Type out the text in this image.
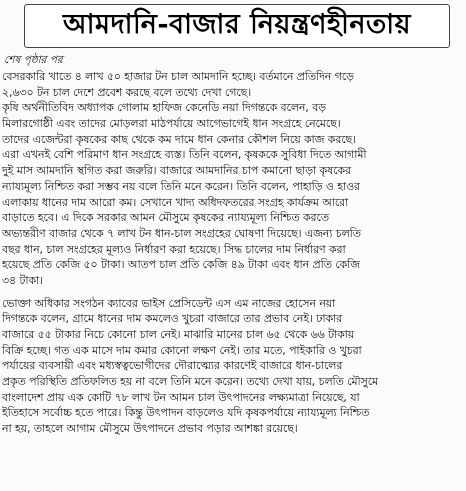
আমদানি-বাজার নিয়ন্ত্রণহীনতায়
শেষ পৃষ্ঠার পর
বেসরকারি খাতে ৪ লাখ ৫০ হাজার টন চাল আমদানি হচ্ছে। বর্তমানে প্রতিদিন গড়ে
২,৬৩০ টন চাল দেশে প্রবেশ করছে বলে তথ্যে দেখা গেছে।
কৃষি অর্থনীতিবিদ অধ্যাপক গোলাম হাফিজ কেনেডি নয়া দিগন্তকে বলেন, বড়
মিলারগোষ্ঠী এবং তাদের মোড়লরা মাঠপর্যায়ে আগেভাগেই ধান সংগ্রহে নেমেছে।
তাদের এজেন্টরা কৃষকের কাছ থেকে কম দামে ধান কেনার কৌশল নিয়ে কাজ করছে।
এরা এখনই বেশি পরিমাণ ধান সংগ্রহে ব্যস্ত। তিনি বলেন, কৃষককে সুবিধা দিতে আগামী
দুই মাস আমদানি স্থগিত করা জরুরি। বাজারে আমদানির চাপ কমানো ছাড়া কৃষকের
ন্যায্যমূল্য নিশ্চিত করা সম্ভব নয় বলে তিনি মনে করেন। তিনি বলেন, পাহাড়ি ও হাওর
এলাকায় ধানের দাম আরো কম। সেখানে খাদ্য অধিদফতরের সংগ্রহ কার্যক্রম আরো
বাড়াতে হবে। এ দিকে সরকার আমন মৌসুমে কৃষকের ন্যায্যমূল্য নিশ্চিত করতে
অভ্যন্তরীণ বাজার থেকে ৭ লাখ টন ধান-চাল সংগ্রহের ঘোষণা দিয়েছে। এজন্য চলতি
বছর ধান, চাল সংগ্রহের মূল্যও নির্ধারণ করা হয়েছে। সিদ্ধ চালের দাম নির্ধারণ করা
হয়েছে প্রতি কেজি ৫০ টাকা। আতপ চাল প্রতি কেজি ৪৯ টাকা এবং ধান প্রতি কেজি
৩৪ টাকা।
ভোক্তা অধিকার সংগঠন ক্যাবের ভাইস প্রেসিডেন্ট এস এম নাজের হোসেন নয়া
দিগন্তকে বলেন, গ্রামে ধানের দাম কমলেও খুচরা বাজারে তার প্রভাব নেই। ঢাকার
বাজারে ৫৫ টাকার নিচে কোনো চাল নেই। মাঝারি মানের চাল ৬৫ থেকে ৬৬ টাকায়
বিক্রি হচ্ছে। গত এক মাসে দাম কমার কোনো লক্ষণ নেই। তার মতে, পাইকারি ও খুচরা
পর্যায়ের ব্যবসায়ী এবং মধ্যস্বত্বভোগীদের দৌরাত্ম্যের কারণেই বাজারে ধান-চালের
প্রকৃত পরিস্থিতি প্রতিফলিত হয় না বলে তিনি মনে করেন। তথ্যে দেখা যায়, চলতি মৌসুমে
বাংলাদেশ প্রায় এক কোটি ৭৮ লাখ টন আমন চাল উৎপাদনের লক্ষ্যমাত্রা নিয়েছে, যা
ইতিহাসে সর্বোচ্চ হতে পারে। কিন্তু উৎপাদন বাড়লেও যদি কৃষকপর্যায়ে ন্যায্যমূল্য নিশ্চিত
না হয়, তাহলে আগাম মৌসুমে উৎপাদনে প্রভাব পড়ার আশঙ্কা রয়েছে।
